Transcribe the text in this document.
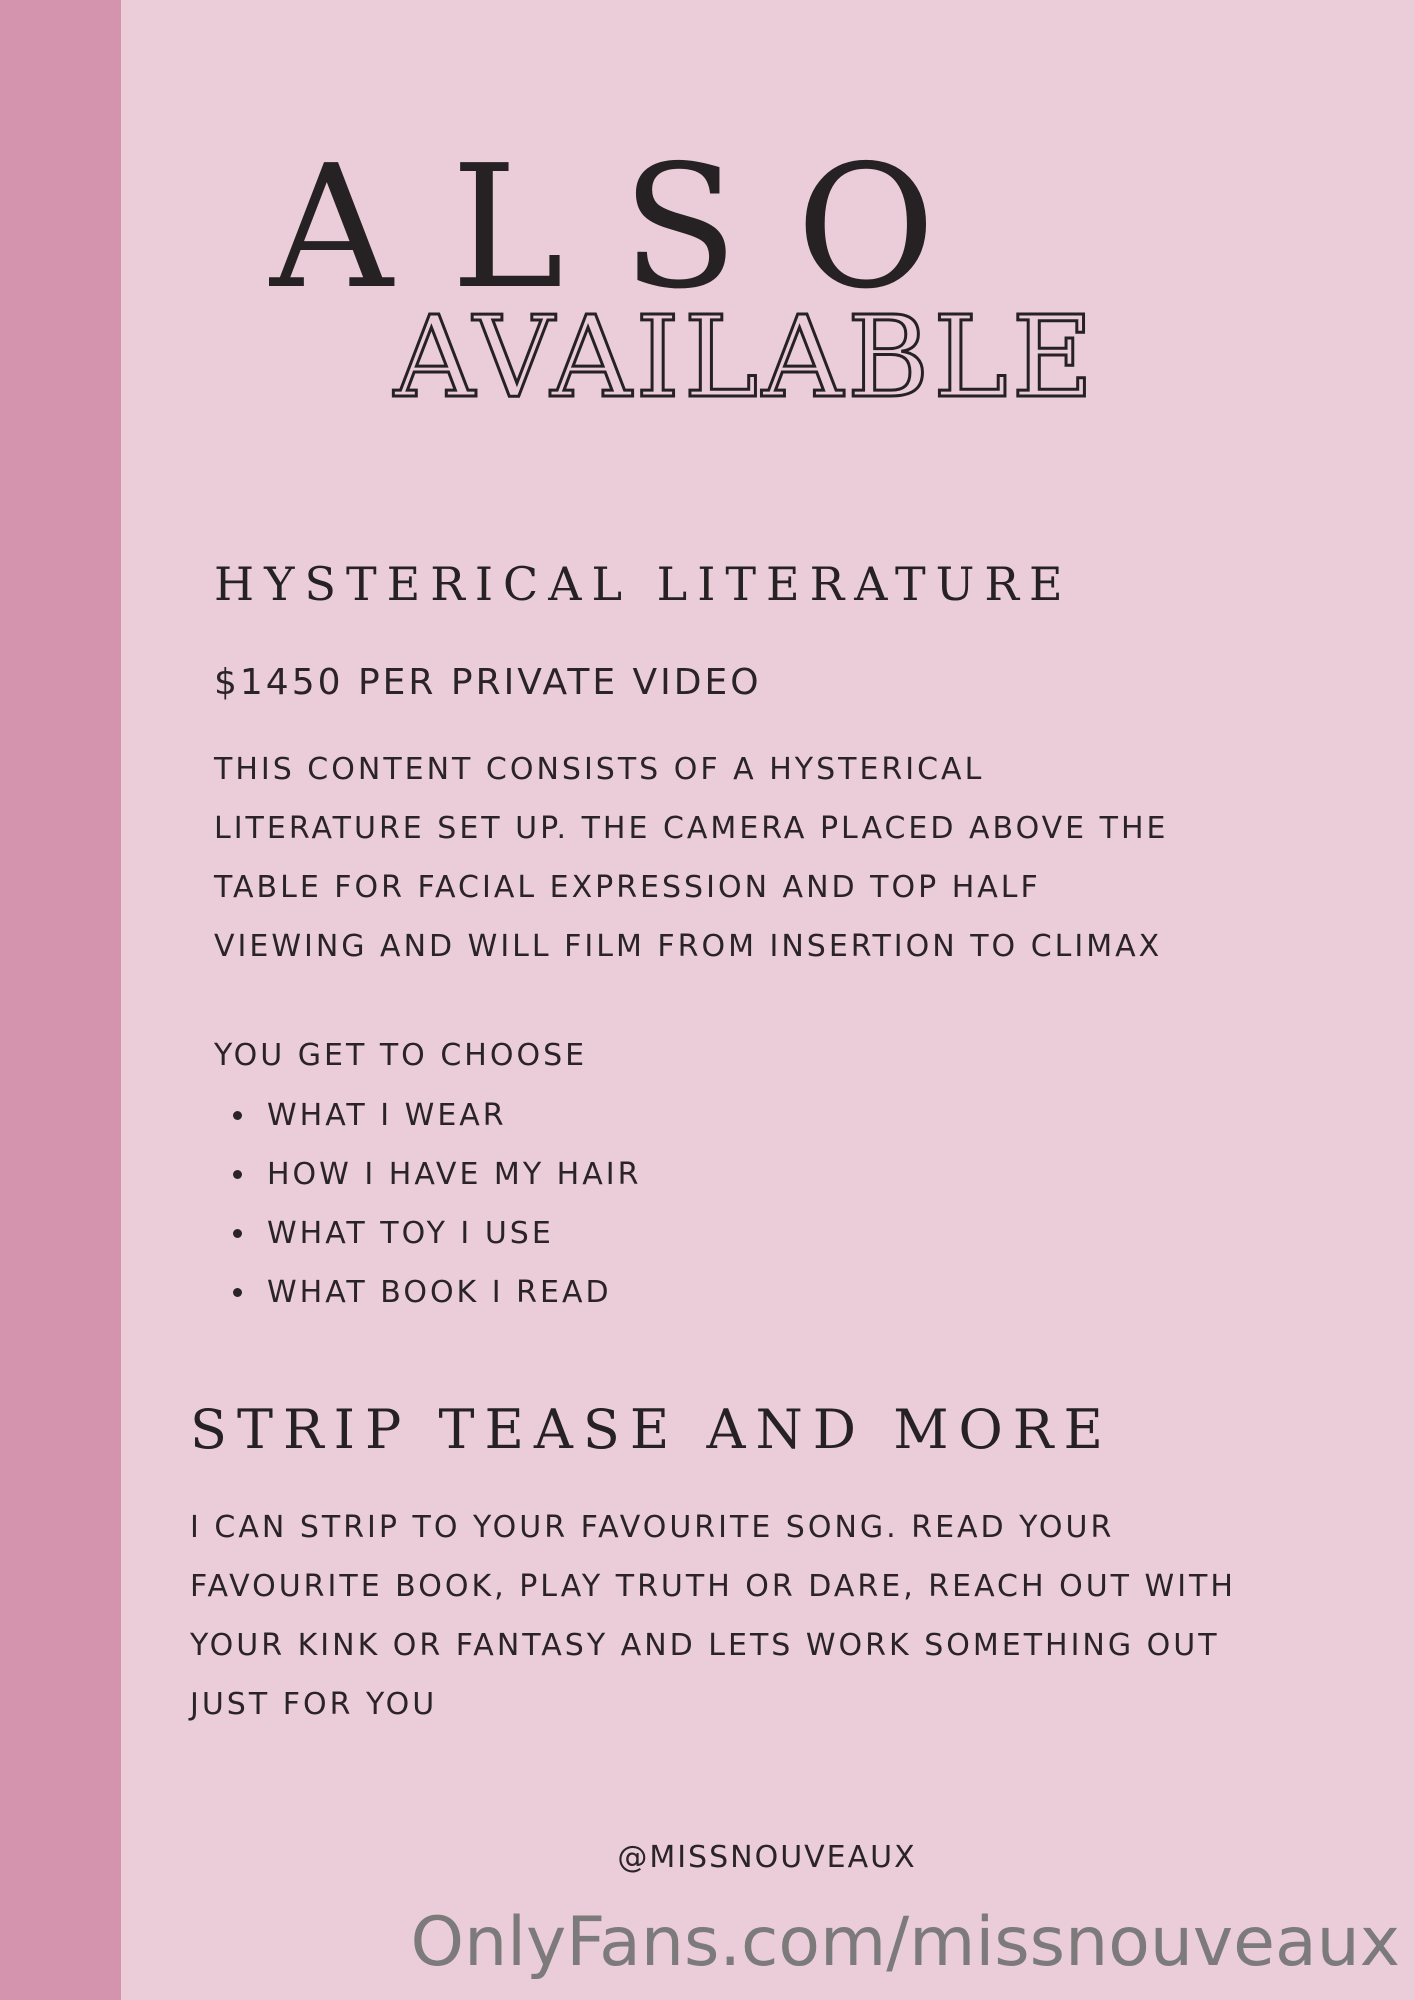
ALSO
AVAILABLE
HYSTERICAL LITERATURE
$1450 PER PRIVATE VIDEO
THIS CONTENT CONSISTS OF A HYSTERICAL
LITERATURE SET UP. THE CAMERA PLACED ABOVE THE
TABLE FOR FACIAL EXPRESSION AND TOP HALF
VIEWING AND WILL FILM FROM INSERTION TO CLIMAX
YOU GET TO CHOOSE
WHAT I WEAR
HOW I HAVE MY HAIR
WHAT TOY I USE
WHAT BOOK I READ
STRIP TEASE AND MORE
I CAN STRIP TO YOUR FAVOURITE SONG. READ YOUR
FAVOURITE BOOK, PLAY TRUTH OR DARE, REACH OUT WITH
YOUR KINK OR FANTASY AND LETS WORK SOMETHING OUT
JUST FOR YOU
@MISSNOUVEAUX
OnlyFans.com/missnouveaux
